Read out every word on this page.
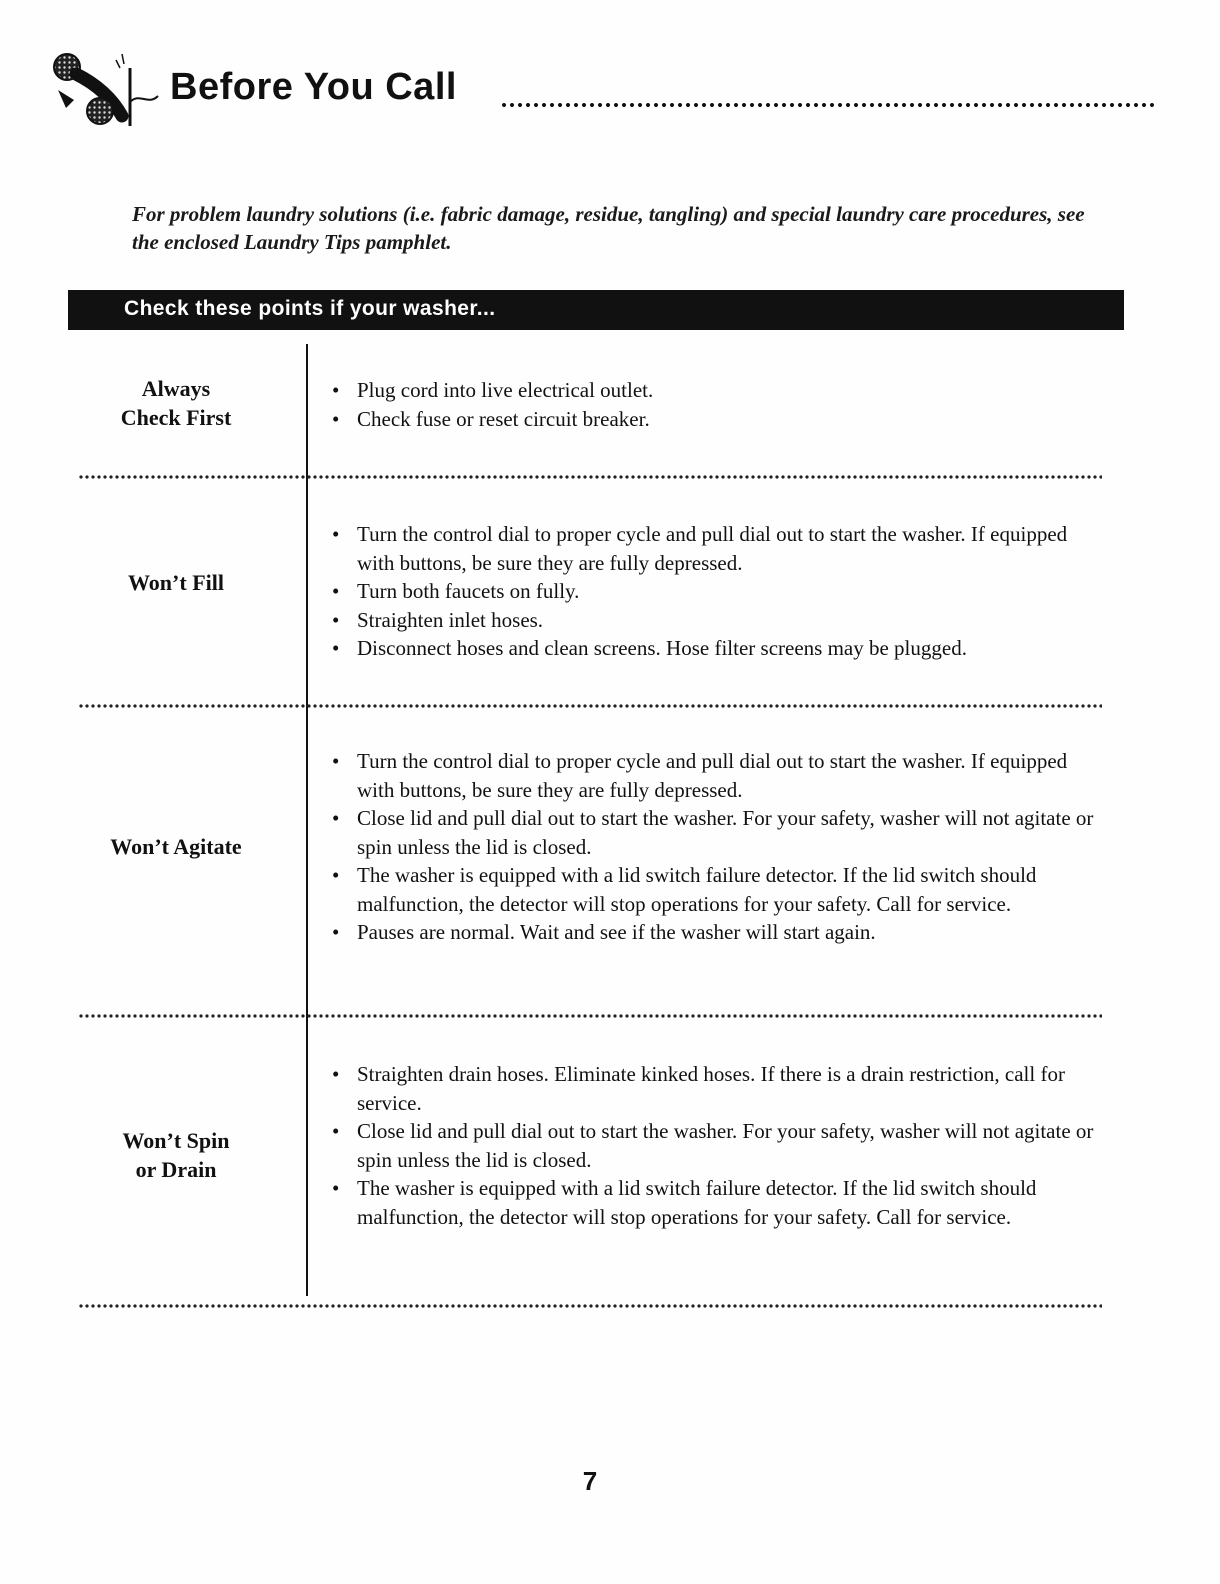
Before You Call
For problem laundry solutions (i.e. fabric damage, residue, tangling) and special laundry care procedures, see the enclosed Laundry Tips pamphlet.
Check these points if your washer...
Always
Check First
• Plug cord into live electrical outlet.
• Check fuse or reset circuit breaker.
Won’t Fill
• Turn the control dial to proper cycle and pull dial out to start the washer. If equipped with buttons, be sure they are fully depressed.
• Turn both faucets on fully.
• Straighten inlet hoses.
• Disconnect hoses and clean screens. Hose filter screens may be plugged.
Won’t Agitate
• Turn the control dial to proper cycle and pull dial out to start the washer. If equipped with buttons, be sure they are fully depressed.
• Close lid and pull dial out to start the washer. For your safety, washer will not agitate or spin unless the lid is closed.
• The washer is equipped with a lid switch failure detector. If the lid switch should malfunction, the detector will stop operations for your safety. Call for service.
• Pauses are normal. Wait and see if the washer will start again.
Won’t Spin
or Drain
• Straighten drain hoses. Eliminate kinked hoses. If there is a drain restriction, call for service.
• Close lid and pull dial out to start the washer. For your safety, washer will not agitate or spin unless the lid is closed.
• The washer is equipped with a lid switch failure detector. If the lid switch should malfunction, the detector will stop operations for your safety. Call for service.
7
